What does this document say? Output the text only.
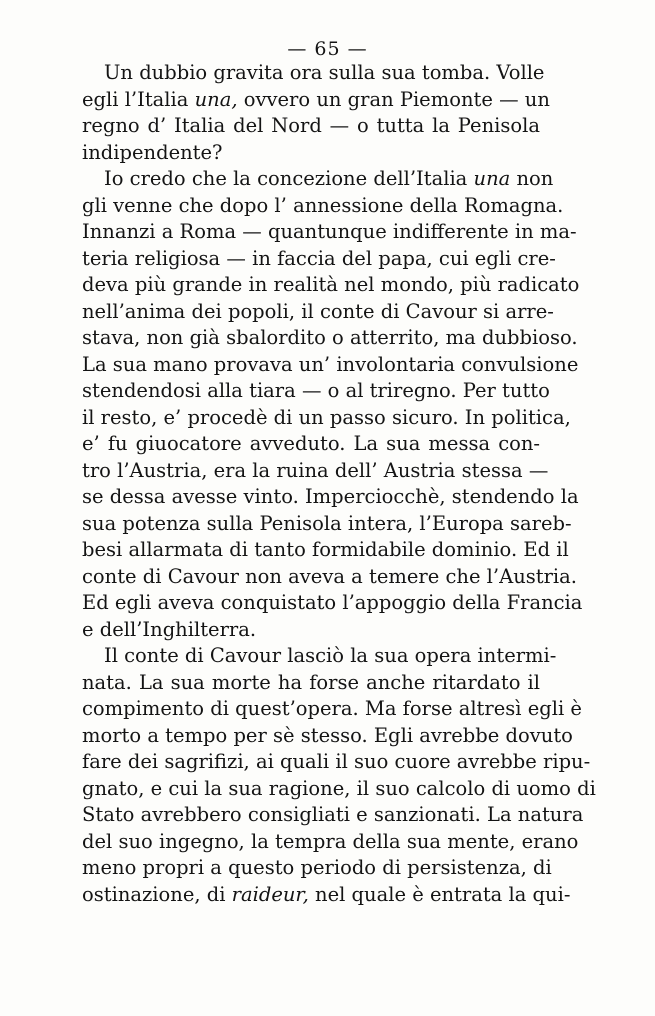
— 65 —
Un dubbio gravita ora sulla sua tomba. Volle
egli l’Italia una, ovvero un gran Piemonte — un
regno d’ Italia del Nord — o tutta la Penisola
indipendente?
Io credo che la concezione dell’Italia una non
gli venne che dopo l’ annessione della Romagna.
Innanzi a Roma — quantunque indifferente in ma-
teria religiosa — in faccia del papa, cui egli cre-
deva più grande in realità nel mondo, più radicato
nell’anima dei popoli, il conte di Cavour si arre-
stava, non già sbalordito o atterrito, ma dubbioso.
La sua mano provava un’ involontaria convulsione
stendendosi alla tiara — o al triregno. Per tutto
il resto, e’ procedè di un passo sicuro. In politica,
e’ fu giuocatore avveduto. La sua messa con-
tro l’Austria, era la ruina dell’ Austria stessa —
se dessa avesse vinto. Imperciocchè, stendendo la
sua potenza sulla Penisola intera, l’Europa sareb-
besi allarmata di tanto formidabile dominio. Ed il
conte di Cavour non aveva a temere che l’Austria.
Ed egli aveva conquistato l’appoggio della Francia
e dell’Inghilterra.
Il conte di Cavour lasciò la sua opera intermi-
nata. La sua morte ha forse anche ritardato il
compimento di quest’opera. Ma forse altresì egli è
morto a tempo per sè stesso. Egli avrebbe dovuto
fare dei sagrifizi, ai quali il suo cuore avrebbe ripu-
gnato, e cui la sua ragione, il suo calcolo di uomo di
Stato avrebbero consigliati e sanzionati. La natura
del suo ingegno, la tempra della sua mente, erano
meno propri a questo periodo di persistenza, di
ostinazione, di raideur, nel quale è entrata la qui-
